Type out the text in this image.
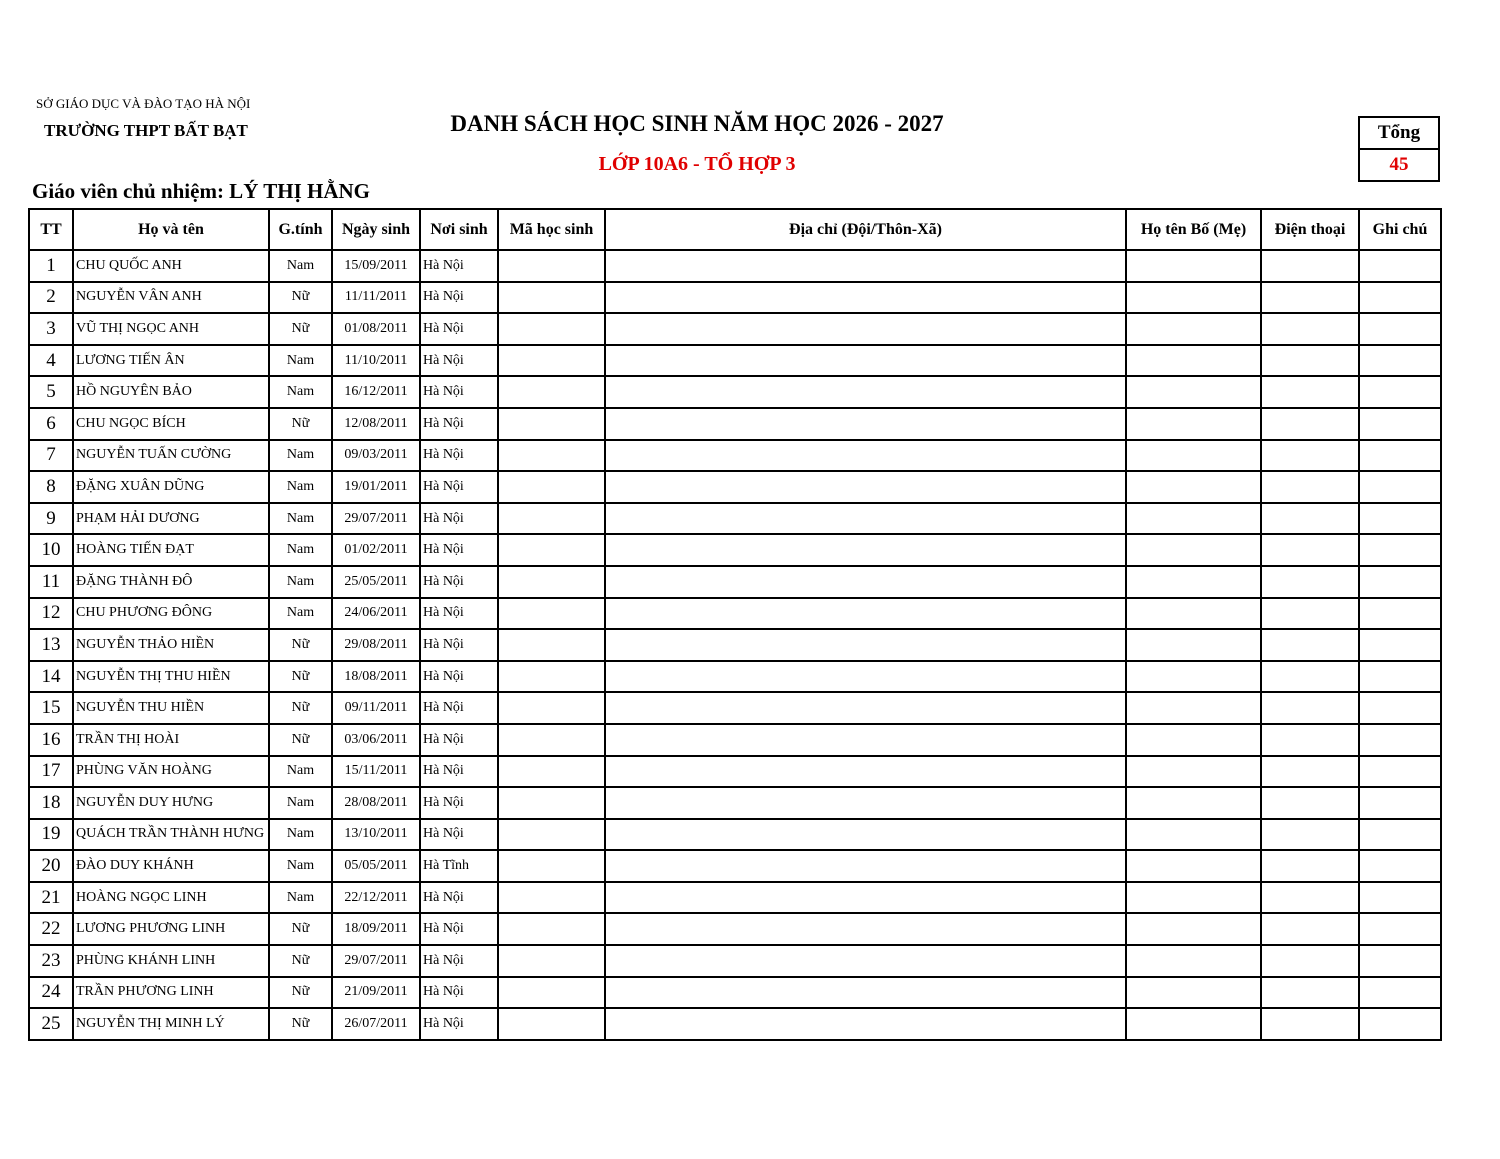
SỞ GIÁO DỤC VÀ ĐÀO TẠO HÀ NỘI
TRƯỜNG THPT BẤT BẠT	DANH SÁCH HỌC SINH NĂM HỌC 2026 - 2027
LỚP 10A6 - TỔ HỢP 3
Giáo viên chủ nhiệm: LÝ THỊ HẰNG
Tổng
45
TT	Họ và tên	G.tính	Ngày sinh	Nơi sinh	Mã học sinh	Địa chỉ (Đội/Thôn-Xã)	Họ tên Bố (Mẹ)	Điện thoại	Ghi chú
1	CHU QUỐC ANH	Nam	15/09/2011	Hà Nội					
2	NGUYỄN VÂN ANH	Nữ	11/11/2011	Hà Nội					
3	VŨ THỊ NGỌC ANH	Nữ	01/08/2011	Hà Nội					
4	LƯƠNG TIẾN ÂN	Nam	11/10/2011	Hà Nội					
5	HỒ NGUYÊN BẢO	Nam	16/12/2011	Hà Nội					
6	CHU NGỌC BÍCH	Nữ	12/08/2011	Hà Nội					
7	NGUYỄN TUẤN CƯỜNG	Nam	09/03/2011	Hà Nội					
8	ĐẶNG XUÂN DŨNG	Nam	19/01/2011	Hà Nội					
9	PHẠM HẢI DƯƠNG	Nam	29/07/2011	Hà Nội					
10	HOÀNG TIẾN ĐẠT	Nam	01/02/2011	Hà Nội					
11	ĐẶNG THÀNH ĐÔ	Nam	25/05/2011	Hà Nội					
12	CHU PHƯƠNG ĐÔNG	Nam	24/06/2011	Hà Nội					
13	NGUYỄN THẢO HIỀN	Nữ	29/08/2011	Hà Nội					
14	NGUYỄN THỊ THU HIỀN	Nữ	18/08/2011	Hà Nội					
15	NGUYỄN THU HIỀN	Nữ	09/11/2011	Hà Nội					
16	TRẦN THỊ HOÀI	Nữ	03/06/2011	Hà Nội					
17	PHÙNG VĂN HOÀNG	Nam	15/11/2011	Hà Nội					
18	NGUYỄN DUY HƯNG	Nam	28/08/2011	Hà Nội					
19	QUÁCH TRẦN THÀNH HƯNG	Nam	13/10/2011	Hà Nội					
20	ĐÀO DUY KHÁNH	Nam	05/05/2011	Hà Tĩnh					
21	HOÀNG NGỌC LINH	Nam	22/12/2011	Hà Nội					
22	LƯƠNG PHƯƠNG LINH	Nữ	18/09/2011	Hà Nội					
23	PHÙNG KHÁNH LINH	Nữ	29/07/2011	Hà Nội					
24	TRẦN PHƯƠNG LINH	Nữ	21/09/2011	Hà Nội					
25	NGUYỄN THỊ MINH LÝ	Nữ	26/07/2011	Hà Nội					
